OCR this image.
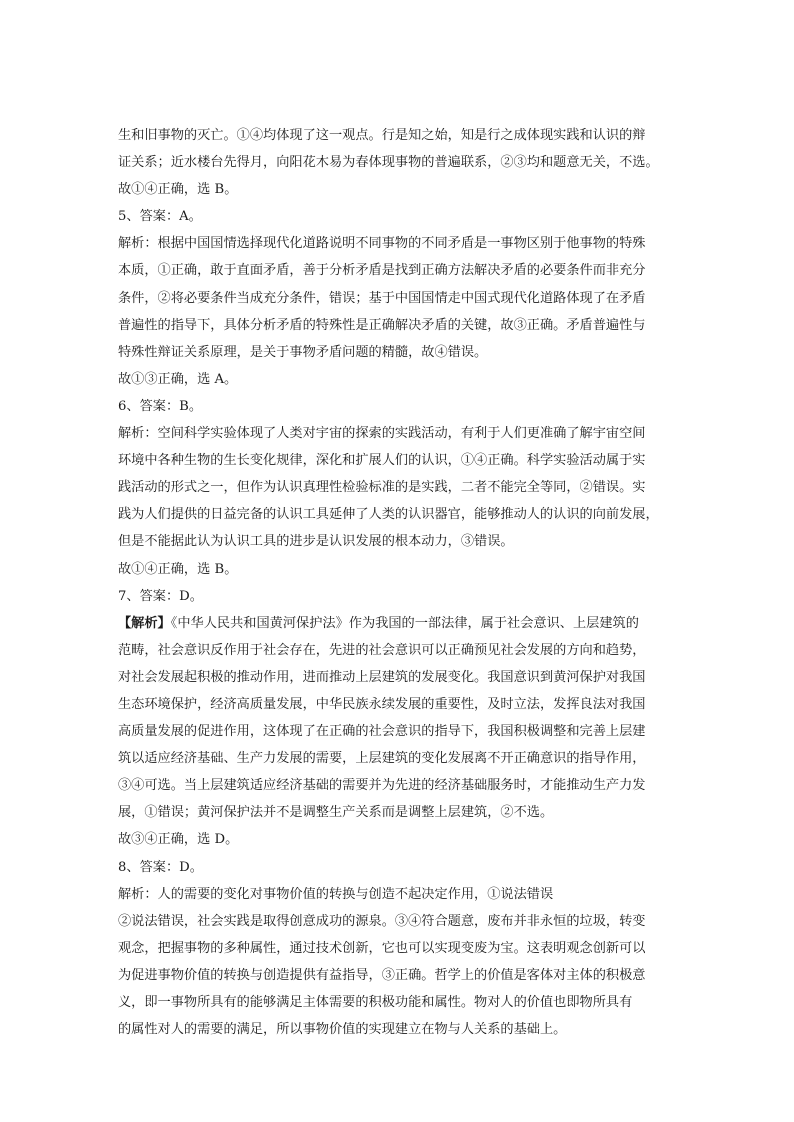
生和旧事物的灭亡。①④均体现了这一观点。行是知之始，知是行之成体现实践和认识的辩
证关系；近水楼台先得月，向阳花木易为春体现事物的普遍联系，②③均和题意无关，不选。
故①④正确，选 B。
5、答案：A。
解析：根据中国国情选择现代化道路说明不同事物的不同矛盾是一事物区别于他事物的特殊
本质，①正确，敢于直面矛盾，善于分析矛盾是找到正确方法解决矛盾的必要条件而非充分
条件，②将必要条件当成充分条件，错误；基于中国国情走中国式现代化道路体现了在矛盾
普遍性的指导下，具体分析矛盾的特殊性是正确解决矛盾的关键，故③正确。矛盾普遍性与
特殊性辩证关系原理，是关于事物矛盾问题的精髓，故④错误。
故①③正确，选 A。
6、答案：B。
解析：空间科学实验体现了人类对宇宙的探索的实践活动，有利于人们更准确了解宇宙空间
环境中各种生物的生长变化规律，深化和扩展人们的认识，①④正确。科学实验活动属于实
践活动的形式之一，但作为认识真理性检验标准的是实践，二者不能完全等同，②错误。实
践为人们提供的日益完备的认识工具延伸了人类的认识器官，能够推动人的认识的向前发展，
但是不能据此认为认识工具的进步是认识发展的根本动力，③错误。
故①④正确，选 B。
7、答案：D。
【解析】《中华人民共和国黄河保护法》作为我国的一部法律，属于社会意识、上层建筑的
范畴，社会意识反作用于社会存在，先进的社会意识可以正确预见社会发展的方向和趋势，
对社会发展起积极的推动作用，进而推动上层建筑的发展变化。我国意识到黄河保护对我国
生态环境保护，经济高质量发展，中华民族永续发展的重要性，及时立法，发挥良法对我国
高质量发展的促进作用，这体现了在正确的社会意识的指导下，我国积极调整和完善上层建
筑以适应经济基础、生产力发展的需要，上层建筑的变化发展离不开正确意识的指导作用，
③④可选。当上层建筑适应经济基础的需要并为先进的经济基础服务时，才能推动生产力发
展，①错误；黄河保护法并不是调整生产关系而是调整上层建筑，②不选。
故③④正确，选 D。
8、答案：D。
解析：人的需要的变化对事物价值的转换与创造不起决定作用，①说法错误
②说法错误，社会实践是取得创意成功的源泉。③④符合题意，废布并非永恒的垃圾，转变
观念，把握事物的多种属性，通过技术创新，它也可以实现变废为宝。这表明观念创新可以
为促进事物价值的转换与创造提供有益指导，③正确。哲学上的价值是客体对主体的积极意
义，即一事物所具有的能够满足主体需要的积极功能和属性。物对人的价值也即物所具有
的属性对人的需要的满足，所以事物价值的实现建立在物与人关系的基础上。
